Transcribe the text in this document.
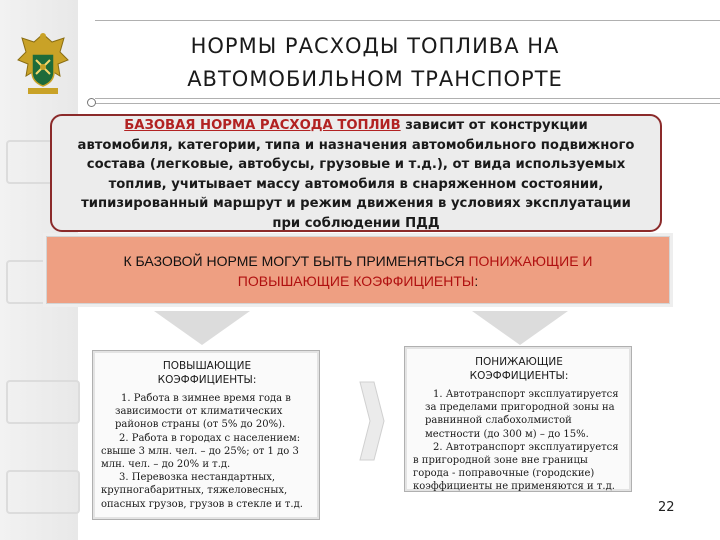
НОРМЫ РАСХОДЫ ТОПЛИВА НА
АВТОМОБИЛЬНОМ ТРАНСПОРТЕ
БАЗОВАЯ НОРМА РАСХОДА ТОПЛИВ зависит от конструкции
автомобиля, категории, типа и назначения автомобильного подвижного
состава (легковые, автобусы, грузовые и т.д.), от вида используемых
топлив, учитывает массу автомобиля в снаряженном состоянии,
типизированный маршрут и режим движения в условиях эксплуатации
при соблюдении ПДД
К БАЗОВОЙ НОРМЕ МОГУТ БЫТЬ ПРИМЕНЯТЬСЯ ПОНИЖАЮЩИЕ И
ПОВЫШАЮЩИЕ КОЭФФИЦИЕНТЫ:
ПОВЫШАЮЩИЕ
КОЭФФИЦИЕНТЫ:

1. Работа в зимнее время года в

зависимости от климатических

районов страны (от 5% до 20%).

2. Работа в городах с населением:

свыше 3 млн. чел. – до 25%; от 1 до 3

млн. чел. – до 20% и т.д.

3. Перевозка нестандартных,

крупногабаритных, тяжеловесных,

опасных грузов, грузов в стекле и т.д.

ПОНИЖАЮЩИЕ
КОЭФФИЦИЕНТЫ:

1. Автотранспорт эксплуатируется

за пределами пригородной зоны на

равнинной слабохолмистой

местности (до 300 м) – до 15%.

2. Автотранспорт эксплуатируется

в пригородной зоне вне границы

города - поправочные (городские)

коэффициенты не применяются и т.д.

22
